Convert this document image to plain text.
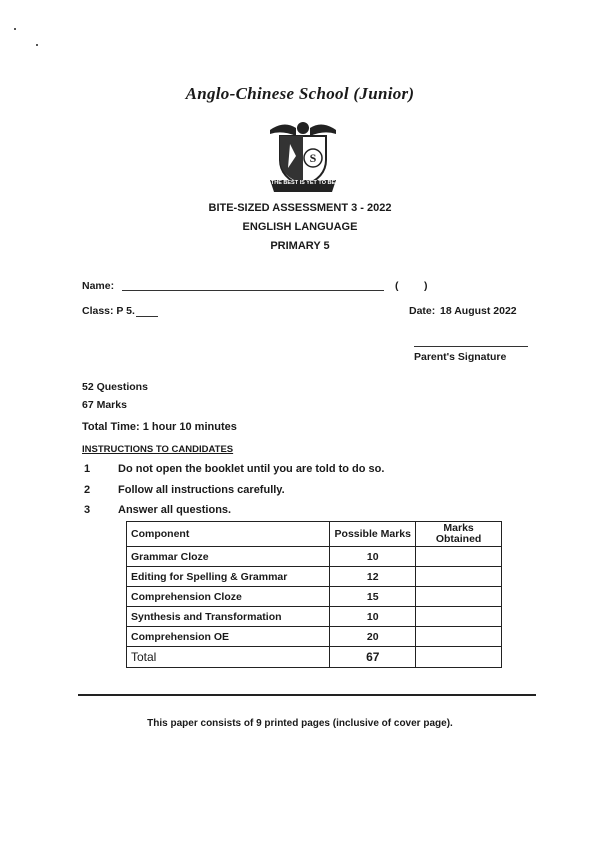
Anglo-Chinese School (Junior)
S
THE BEST IS YET TO BE
BITE-SIZED ASSESSMENT 3 - 2022
ENGLISH LANGUAGE
PRIMARY 5
Name:	( )
Class: P 5.	Date: 18 August 2022
Parent's Signature
52 Questions
67 Marks
Total Time: 1 hour 10 minutes
INSTRUCTIONS TO CANDIDATES
1	Do not open the booklet until you are told to do so.
2	Follow all instructions carefully.
3	Answer all questions.
Component	Possible Marks	Marks Obtained
Grammar Cloze	10	
Editing for Spelling & Grammar	12	
Comprehension Cloze	15	
Synthesis and Transformation	10	
Comprehension OE	20	
Total	67	
This paper consists of 9 printed pages (inclusive of cover page).
